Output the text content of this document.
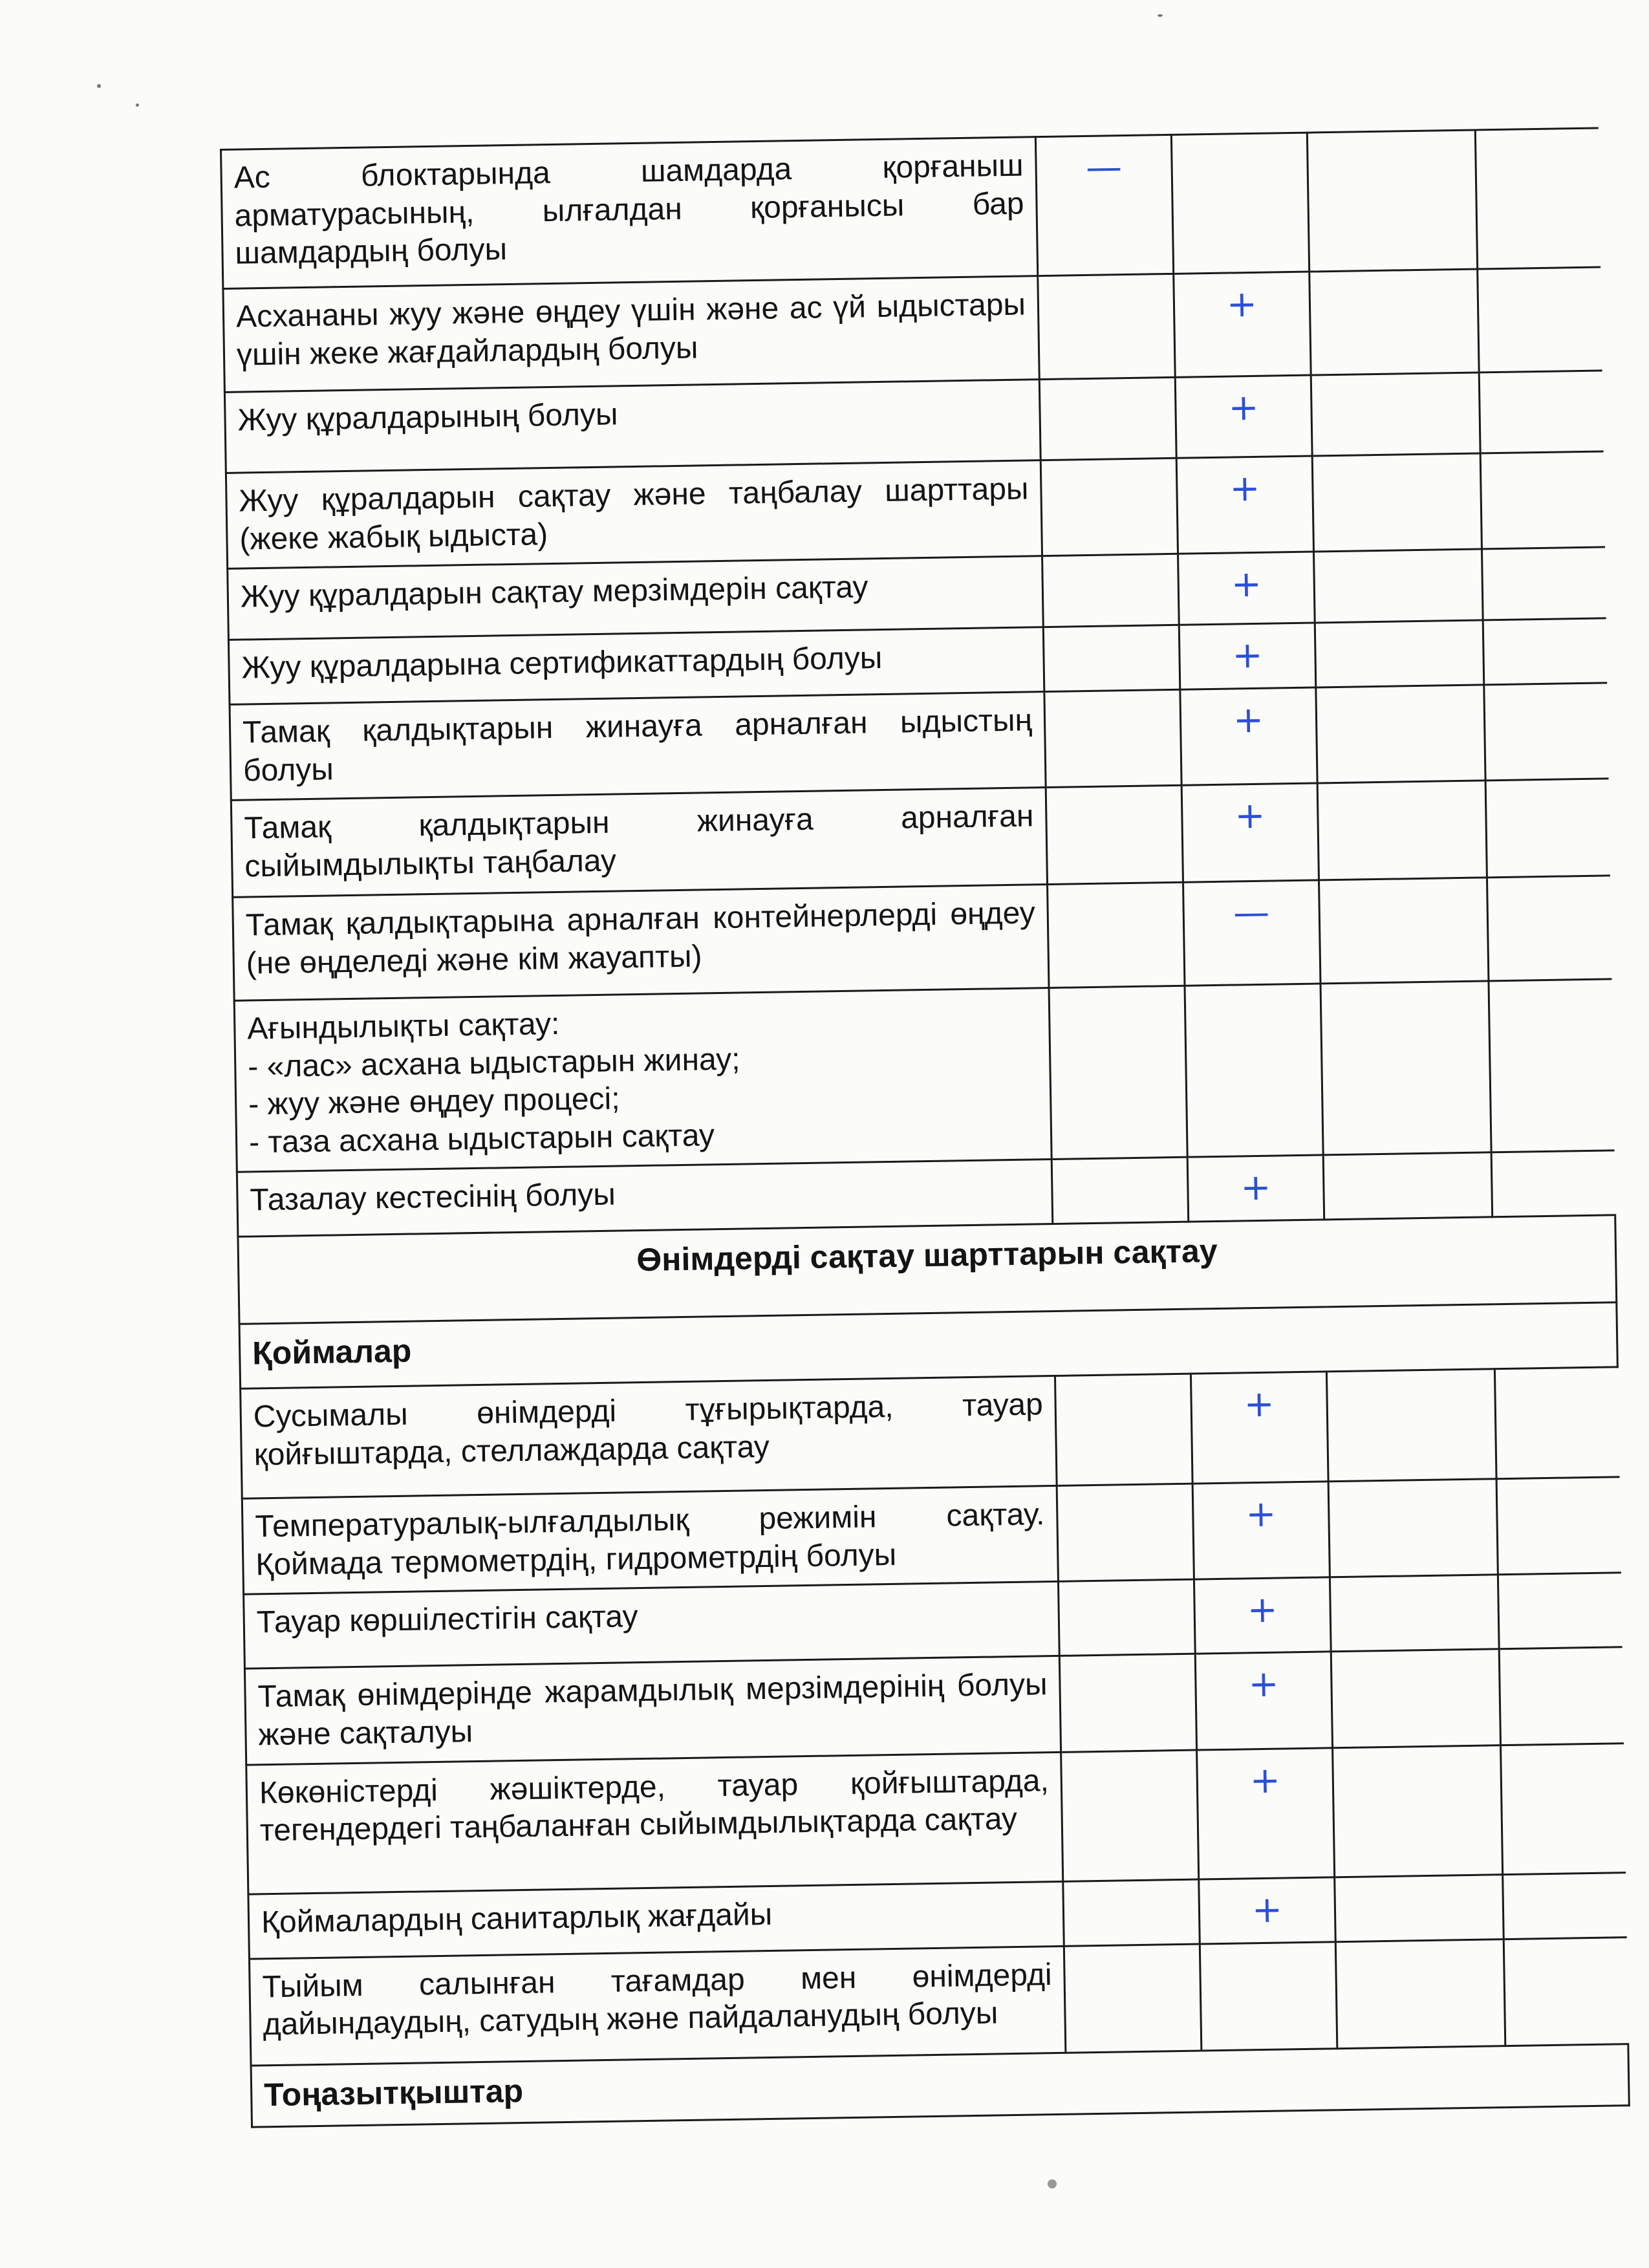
Ас блоктарында шамдарда қорғаныш арматурасының, ылғалдан қорғанысы бар шамдардың болуы	—			
Асхананы жуу және өңдеу үшін және ас үй ыдыстары үшін жеке жағдайлардың болуы		+		
Жуу құралдарының болуы		+		
Жуу құралдарын сақтау және таңбалау шарттары (жеке жабық ыдыста)		+		
Жуу құралдарын сақтау мерзімдерін сақтау		+		
Жуу құралдарына сертификаттардың болуы		+		
Тамақ қалдықтарын жинауға арналған ыдыстың болуы		+		
Тамақ қалдықтарын жинауға арналған сыйымдылықты таңбалау		+		
Тамақ қалдықтарына арналған контейнерлерді өңдеу (не өңделеді және кім жауапты)		—		
Ағындылықты сақтау:
- «лас» асхана ыдыстарын жинау;
- жуу және өңдеу процесі;
- таза асхана ыдыстарын сақтау				
Тазалау кестесінің болуы		+		
Өнімдерді сақтау шарттарын сақтау				
Қоймалар				
Сусымалы өнімдерді тұғырықтарда, тауар қойғыштарда, стеллаждарда сақтау		+		
Температуралық-ылғалдылық режимін сақтау. Қоймада термометрдің, гидрометрдің болуы		+		
Тауар көршілестігін сақтау		+		
Тамақ өнімдерінде жарамдылық мерзімдерінің болуы және сақталуы		+		
Көкөністерді жәшіктерде, тауар қойғыштарда, тегендердегі таңбаланған сыйымдылықтарда сақтау		+		
Қоймалардың санитарлық жағдайы		+		
Тыйым салынған тағамдар мен өнімдерді дайындаудың, сатудың және пайдаланудың болуы				
Тоңазытқыштар				
